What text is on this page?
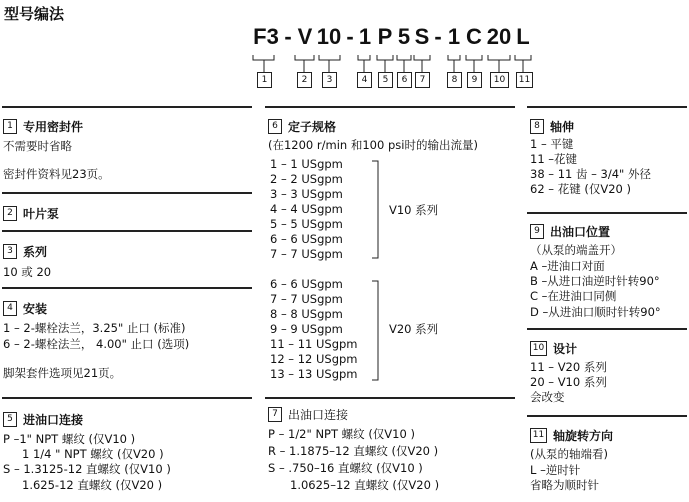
型号编法
F3 - V 10 - 1 P 5 S - 1 C 20 L
1	2	3	4	5	6	7	8	9	10	11
1 专用密封件
不需要时省略
密封件资料见23页。
2 叶片泵
3 系列
10 或 20
4 安装
1 – 2-螺栓法兰，3.25" 止口 (标准)
6 – 2-螺栓法兰， 4.00" 止口 (选项)
脚架套件选项见21页。
5 进油口连接
P –1" NPT 螺纹 (仅V10 )
1 1/4 " NPT 螺纹 (仅V20 )
S – 1.3125-12 直螺纹 (仅V10 )
1.625-12 直螺纹 (仅V20 )
6 定子规格
(在1200 r/min 和100 psi时的输出流量)
1 – 1 USgpm
2 – 2 USgpm
3 – 3 USgpm
4 – 4 USgpm
5 – 5 USgpm
6 – 6 USgpm
7 – 7 USgpm
V10 系列
6 – 6 USgpm
7 – 7 USgpm
8 – 8 USgpm
9 – 9 USgpm
11 – 11 USgpm
12 – 12 USgpm
13 – 13 USgpm
V20 系列
7 出油口连接
P – 1/2" NPT 螺纹 (仅V10 )
R – 1.1875–12 直螺纹 (仅V20 )
S – .750–16 直螺纹 (仅V10 )
1.0625–12 直螺纹 (仅V20 )
8 轴伸
1 – 平键
11 –花键
38 – 11 齿 – 3/4" 外径
62 – 花键 (仅V20 )
9 出油口位置
（从泵的端盖开）
A –进油口对面
B –从进口油逆时针转90°
C –在进油口同侧
D –从进油口顺时针转90°
10 设计
11 – V20 系列
20 – V10 系列
会改变
11 轴旋转方向
(从泵的轴端看)
L –逆时针
省略为顺时针
